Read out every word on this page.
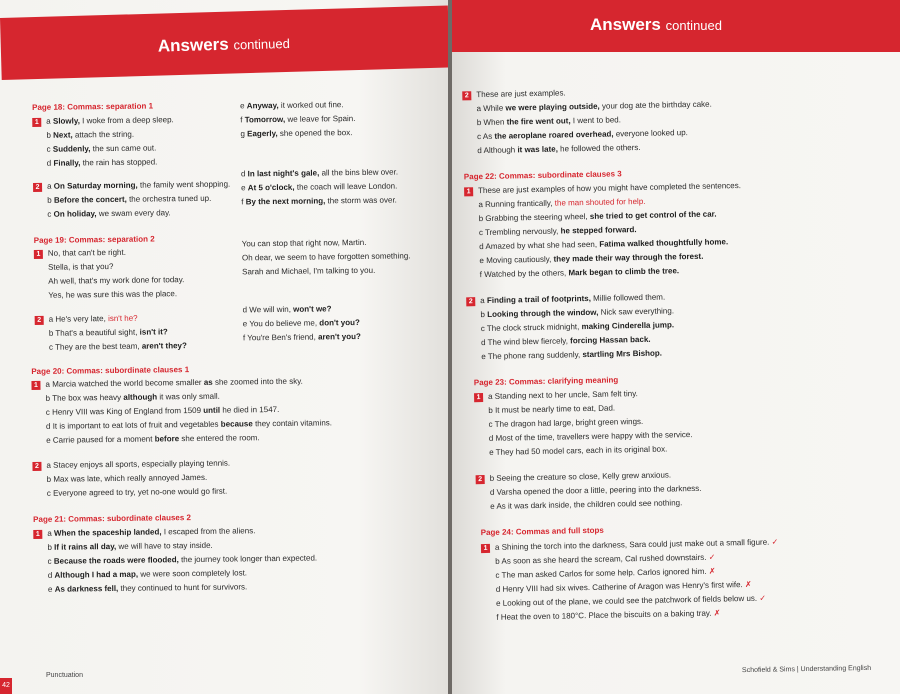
Answers continued
Page 18: Commas: separation 1
1 a Slowly, I woke from a deep sleep.
b Next, attach the string.
c Suddenly, the sun came out.
d Finally, the rain has stopped.
e Anyway, it worked out fine.
f Tomorrow, we leave for Spain.
g Eagerly, she opened the box.
2 a On Saturday morning, the family went shopping.
b Before the concert, the orchestra tuned up.
c On holiday, we swam every day.
d In last night's gale, all the bins blew over.
e At 5 o'clock, the coach will leave London.
f By the next morning, the storm was over.
Page 19: Commas: separation 2
1 No, that can't be right.
Stella, is that you?
Ah well, that's my work done for today.
Yes, he was sure this was the place.
You can stop that right now, Martin.
Oh dear, we seem to have forgotten something.
Sarah and Michael, I'm talking to you.
2 a He's very late, isn't he?
b That's a beautiful sight, isn't it?
c They are the best team, aren't they?
d We will win, won't we?
e You do believe me, don't you?
f You're Ben's friend, aren't you?
Page 20: Commas: subordinate clauses 1
1 a Marcia watched the world become smaller as she zoomed into the sky.
b The box was heavy although it was only small.
c Henry VIII was King of England from 1509 until he died in 1547.
d It is important to eat lots of fruit and vegetables because they contain vitamins.
e Carrie paused for a moment before she entered the room.
2 a Stacey enjoys all sports, especially playing tennis.
b Max was late, which really annoyed James.
c Everyone agreed to try, yet no-one would go first.
Page 21: Commas: subordinate clauses 2
1 a When the spaceship landed, I escaped from the aliens.
b If it rains all day, we will have to stay inside.
c Because the roads were flooded, the journey took longer than expected.
d Although I had a map, we were soon completely lost.
e As darkness fell, they continued to hunt for survivors.
42
Punctuation
Answers continued
2 These are just examples.
a While we were playing outside, your dog ate the birthday cake.
b When the fire went out, I went to bed.
c As the aeroplane roared overhead, everyone looked up.
d Although it was late, he followed the others.
Page 22: Commas: subordinate clauses 3
1 These are just examples of how you might have completed the sentences.
a Running frantically, the man shouted for help.
b Grabbing the steering wheel, she tried to get control of the car.
c Trembling nervously, he stepped forward.
d Amazed by what she had seen, Fatima walked thoughtfully home.
e Moving cautiously, they made their way through the forest.
f Watched by the others, Mark began to climb the tree.
2 a Finding a trail of footprints, Millie followed them.
b Looking through the window, Nick saw everything.
c The clock struck midnight, making Cinderella jump.
d The wind blew fiercely, forcing Hassan back.
e The phone rang suddenly, startling Mrs Bishop.
Page 23: Commas: clarifying meaning
1 a Standing next to her uncle, Sam felt tiny.
b It must be nearly time to eat, Dad.
c The dragon had large, bright green wings.
d Most of the time, travellers were happy with the service.
e They had 50 model cars, each in its original box.
2 b Seeing the creature so close, Kelly grew anxious.
d Varsha opened the door a little, peering into the darkness.
e As it was dark inside, the children could see nothing.
Page 24: Commas and full stops
1 a Shining the torch into the darkness, Sara could just make out a small figure. ✓
b As soon as she heard the scream, Cal rushed downstairs. ✓
c The man asked Carlos for some help. Carlos ignored him. ✗
d Henry VIII had six wives. Catherine of Aragon was Henry's first wife. ✗
e Looking out of the plane, we could see the patchwork of fields below us. ✓
f Heat the oven to 180°C. Place the biscuits on a baking tray. ✗
Schofield & Sims | Understanding English
